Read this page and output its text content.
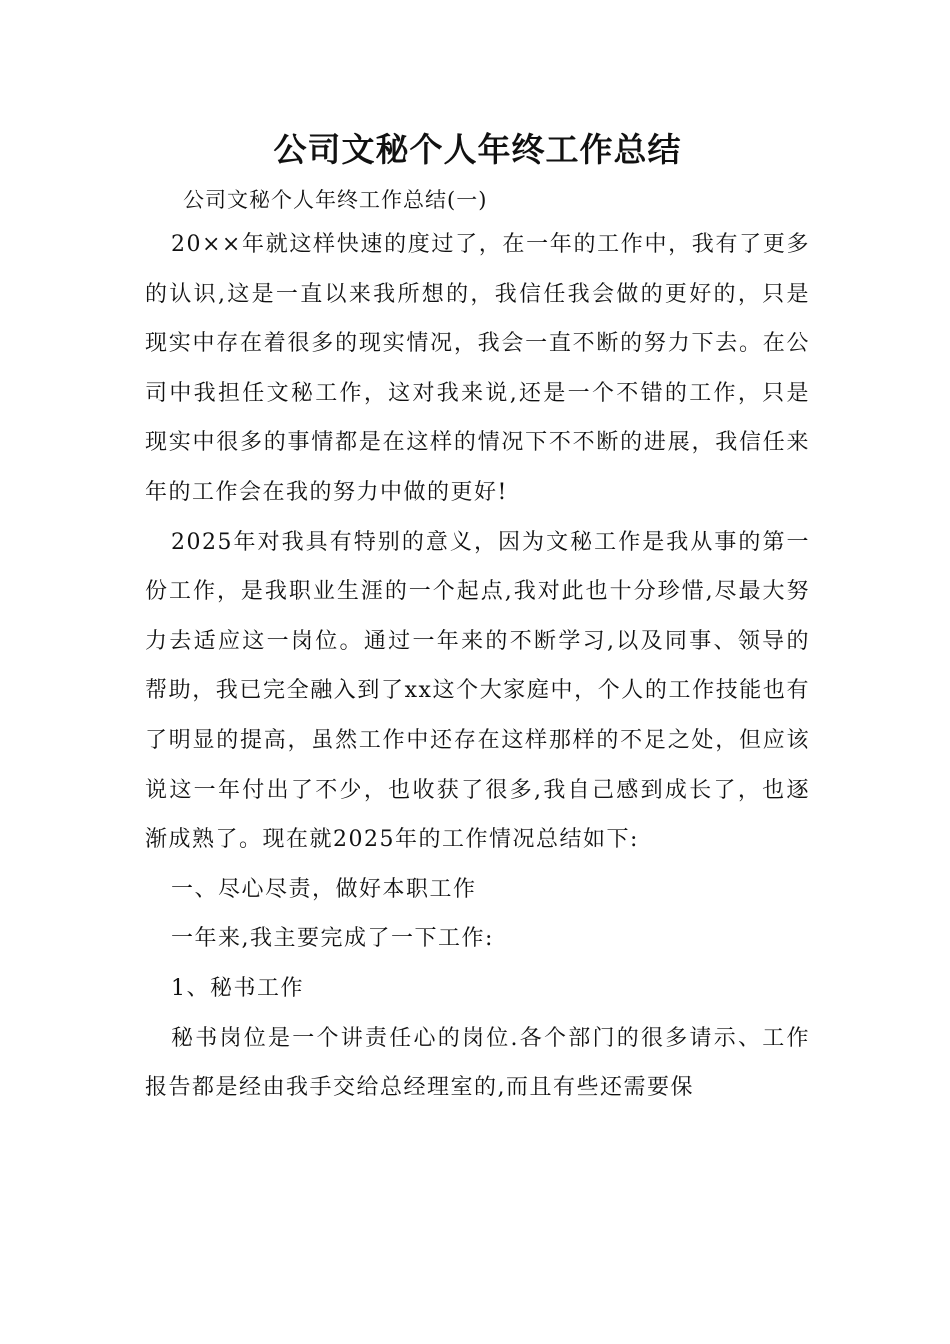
公司文秘个人年终工作总结

公司文秘个人年终工作总结(一)

20××年就这样快速的度过了，在一年的工作中，我有了更多的认识,这是一直以来我所想的，我信任我会做的更好的，只是现实中存在着很多的现实情况，我会一直不断的努力下去。在公司中我担任文秘工作，这对我来说,还是一个不错的工作，只是现实中很多的事情都是在这样的情况下不不断的进展，我信任来年的工作会在我的努力中做的更好!

2025年对我具有特别的意义，因为文秘工作是我从事的第一份工作，是我职业生涯的一个起点,我对此也十分珍惜,尽最大努力去适应这一岗位。通过一年来的不断学习,以及同事、领导的帮助，我已完全融入到了xx这个大家庭中，个人的工作技能也有了明显的提高，虽然工作中还存在这样那样的不足之处，但应该说这一年付出了不少，也收获了很多,我自己感到成长了，也逐渐成熟了。现在就2025年的工作情况总结如下:

一、尽心尽责，做好本职工作

一年来,我主要完成了一下工作:

1、秘书工作

秘书岗位是一个讲责任心的岗位.各个部门的很多请示、工作报告都是经由我手交给总经理室的,而且有些还需要保
